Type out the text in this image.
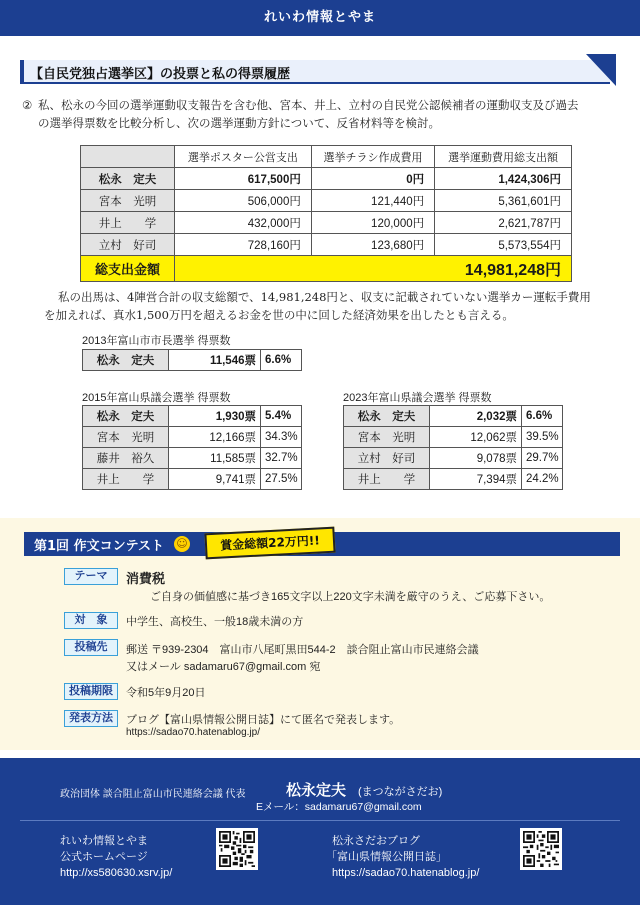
れいわ情報とやま
【自民党独占選挙区】の投票と私の得票履歴
② 私、松永の今回の選挙運動収支報告を含む他、宮本、井上、立村の自民党公認候補者の運動収支及び過去
の選挙得票数を比較分析し、次の選挙運動方針について、反省材料等を検討。
	選挙ポスター公営支出	選挙チラシ作成費用	選挙運動費用総支出額
松永　定夫	617,500円	0円	1,424,306円
宮本　光明	506,000円	121,440円	5,361,601円
井上　　学	432,000円	120,000円	2,621,787円
立村　好司	728,160円	123,680円	5,573,554円
総支出金額	14,981,248円		
私の出馬は、4陣営合計の収支総額で、14,981,248円と、収支に記載されていない選挙カー運転手費用
を加えれば、真水1,500万円を超えるお金を世の中に回した経済効果を出したとも言える。
2013年富山市市長選挙 得票数
松永　定夫	11,546票	6.6%
2015年富山県議会選挙 得票数
松永　定夫	1,930票	5.4%
宮本　光明	12,166票	34.3%
藤井　裕久	11,585票	32.7%
井上　　学	9,741票	27.5%
2023年富山県議会選挙 得票数
松永　定夫	2,032票	6.6%
宮本　光明	12,062票	39.5%
立村　好司	9,078票	29.7%
井上　　学	7,394票	24.2%
第1回 作文コンテスト ☺	賞金総額22万円!!
テーマ	消費税
ご自身の価値感に基づき165文字以上220文字未満を厳守のうえ、ご応募下さい。
対　象	中学生、高校生、一般18歳未満の方
投稿先	郵送 〒939-2304　富山市八尾町黒田544-2　談合阻止富山市民連絡会議
又はメール sadamaru67@gmail.com 宛
投稿期限	令和5年9月20日
発表方法	ブログ【富山県情報公開日誌】にて匿名で発表します。
https://sadao70.hatenablog.jp/
政治団体 談合阻止富山市民連絡会議 代表	松永定夫 (まつながさだお)
Eメール：sadamaru67@gmail.com
れいわ情報とやま
公式ホームページ
http://xs580630.xsrv.jp/
松永さだおブログ
「富山県情報公開日誌」
https://sadao70.hatenablog.jp/
